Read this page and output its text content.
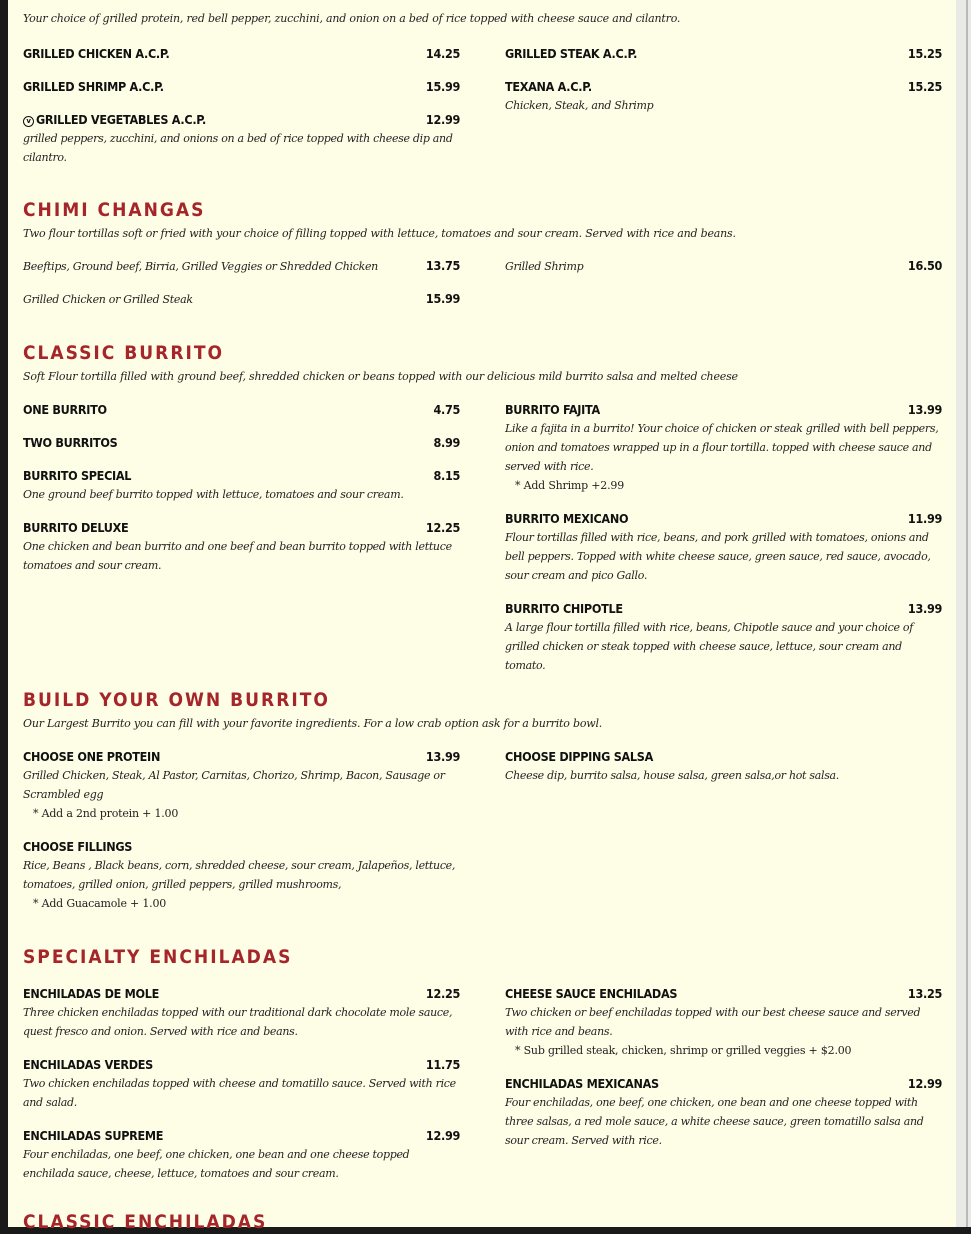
Your choice of grilled protein, red bell pepper, zucchini, and onion on a bed of rice topped with cheese sauce and cilantro.

GRILLED CHICKEN A.C.P.	14.25
GRILLED SHRIMP A.C.P.	15.99
v GRILLED VEGETABLES A.C.P.	12.99
grilled peppers, zucchini, and onions on a bed of rice topped with cheese dip and cilantro.
GRILLED STEAK A.C.P.	15.25
TEXANA A.C.P.	15.25
Chicken, Steak, and Shrimp
CHIMI CHANGAS

Two flour tortillas soft or fried with your choice of filling topped with lettuce, tomatoes and sour cream. Served with rice and beans.

Beeftips, Ground beef, Birria, Grilled Veggies or Shredded Chicken	13.75
Grilled Chicken or Grilled Steak	15.99
Grilled Shrimp	16.50
CLASSIC BURRITO

Soft Flour tortilla filled with ground beef, shredded chicken or beans topped with our delicious mild burrito salsa and melted cheese

ONE BURRITO	4.75
TWO BURRITOS	8.99
BURRITO SPECIAL	8.15
One ground beef burrito topped with lettuce, tomatoes and sour cream.
BURRITO DELUXE	12.25
One chicken and bean burrito and one beef and bean burrito topped with lettuce tomatoes and sour cream.
BURRITO FAJITA	13.99
Like a fajita in a burrito! Your choice of chicken or steak grilled with bell peppers, onion and tomatoes wrapped up in a flour tortilla. topped with cheese sauce and served with rice.
* Add Shrimp +2.99
BURRITO MEXICANO	11.99
Flour tortillas filled with rice, beans, and pork grilled with tomatoes, onions and bell peppers. Topped with white cheese sauce, green sauce, red sauce, avocado, sour cream and pico Gallo.
BURRITO CHIPOTLE	13.99
A large flour tortilla filled with rice, beans, Chipotle sauce and your choice of grilled chicken or steak topped with cheese sauce, lettuce, sour cream and tomato.
BUILD YOUR OWN BURRITO

Our Largest Burrito you can fill with your favorite ingredients. For a low crab option ask for a burrito bowl.

CHOOSE ONE PROTEIN	13.99
Grilled Chicken, Steak, Al Pastor, Carnitas, Chorizo, Shrimp, Bacon, Sausage or Scrambled egg
* Add a 2nd protein + 1.00
CHOOSE FILLINGS
Rice, Beans , Black beans, corn, shredded cheese, sour cream, Jalapeños, lettuce, tomatoes, grilled onion, grilled peppers, grilled mushrooms,
* Add Guacamole + 1.00
CHOOSE DIPPING SALSA
Cheese dip, burrito salsa, house salsa, green salsa,or hot salsa.
SPECIALTY ENCHILADAS
ENCHILADAS DE MOLE	12.25
Three chicken enchiladas topped with our traditional dark chocolate mole sauce, quest fresco and onion. Served with rice and beans.
ENCHILADAS VERDES	11.75
Two chicken enchiladas topped with cheese and tomatillo sauce. Served with rice and salad.
ENCHILADAS SUPREME	12.99
Four enchiladas, one beef, one chicken, one bean and one cheese topped enchilada sauce, cheese, lettuce, tomatoes and sour cream.
CHEESE SAUCE ENCHILADAS	13.25
Two chicken or beef enchiladas topped with our best cheese sauce and served with rice and beans.
* Sub grilled steak, chicken, shrimp or grilled veggies + $2.00
ENCHILADAS MEXICANAS	12.99
Four enchiladas, one beef, one chicken, one bean and one cheese topped with three salsas, a red mole sauce, a white cheese sauce, green tomatillo salsa and sour cream. Served with rice.
CLASSIC ENCHILADAS
